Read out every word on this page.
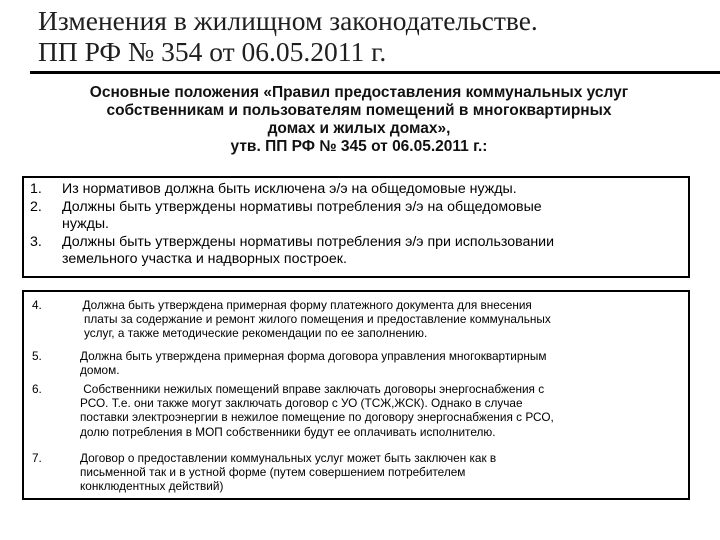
Изменения в жилищном законодательстве.
ПП РФ № 354 от 06.05.2011 г.
Основные положения «Правил предоставления коммунальных услуг
собственникам и пользователям помещений в многоквартирных
домах и жилых домах»,
утв. ПП РФ № 345 от 06.05.2011 г.:
1. Из нормативов должна быть исключена э/э на общедомовые нужды.
2. Должны быть утверждены нормативы потребления э/э на общедомовые
нужды.
3. Должны быть утверждены нормативы потребления э/э при использовании
земельного участка и надворных построек.
4.	Должна быть утверждена примерная форму платежного документа для внесения
платы за содержание и ремонт жилого помещения и предоставление коммунальных
услуг, а также методические рекомендации по ее заполнению.
5.	Должна быть утверждена примерная форма договора управления многоквартирным
домом.
6.	Собственники нежилых помещений вправе заключать договоры энергоснабжения с
РСО. Т.е. они также могут заключать договор с УО (ТСЖ,ЖСК). Однако в случае
поставки электроэнергии в нежилое помещение по договору энергоснабжения с РСО,
долю потребления в МОП собственники будут ее оплачивать исполнителю.
7.	Договор о предоставлении коммунальных услуг может быть заключен как в
письменной так и в устной форме (путем совершением потребителем
конклюдентных действий)
